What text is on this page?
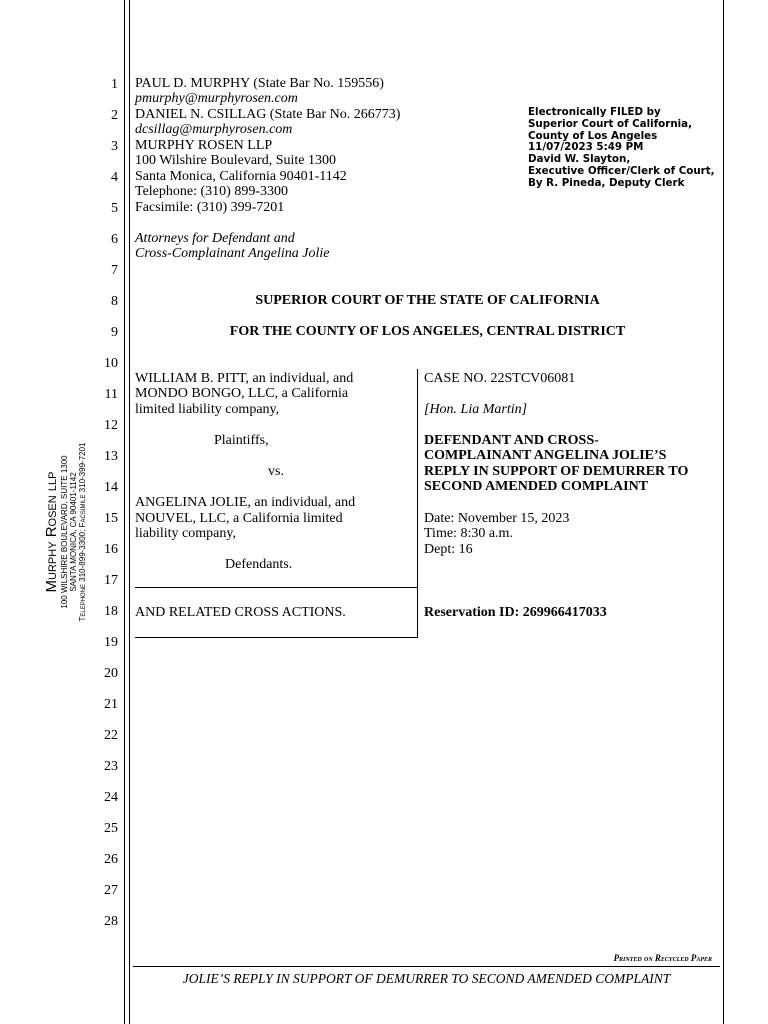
1
2
3
4
5
6
7
8
9
10
11
12
13
14
15
16
17
18
19
20
21
22
23
24
25
26
27
28
Murphy Rosen llp 100 WILSHIRE BOULEVARD, SUITE 1300 SANTA MONICA, CA 90401-1142 Telephone 310-899-3300; Facsimile 310-399-7201
PAUL D. MURPHY (State Bar No. 159556)
pmurphy@murphyrosen.com
DANIEL N. CSILLAG (State Bar No. 266773)
dcsillag@murphyrosen.com
MURPHY ROSEN LLP
100 Wilshire Boulevard, Suite 1300
Santa Monica, California 90401-1142
Telephone: (310) 899-3300
Facsimile: (310) 399-7201
Attorneys for Defendant and
Cross-Complainant Angelina Jolie
Electronically FILED by
Superior Court of California,
County of Los Angeles
11/07/2023 5:49 PM
David W. Slayton,
Executive Officer/Clerk of Court,
By R. Pineda, Deputy Clerk
SUPERIOR COURT OF THE STATE OF CALIFORNIA
FOR THE COUNTY OF LOS ANGELES, CENTRAL DISTRICT
WILLIAM B. PITT, an individual, and
MONDO BONGO, LLC, a California
limited liability company,
Plaintiffs,
vs.
ANGELINA JOLIE, an individual, and
NOUVEL, LLC, a California limited
liability company,
Defendants.
AND RELATED CROSS ACTIONS.
CASE NO. 22STCV06081
[Hon. Lia Martin]
DEFENDANT AND CROSS-
COMPLAINANT ANGELINA JOLIE’S
REPLY IN SUPPORT OF DEMURRER TO
SECOND AMENDED COMPLAINT
Date: November 15, 2023
Time: 8:30 a.m.
Dept: 16
Reservation ID: 269966417033
Printed on Recycled Paper
JOLIE’S REPLY IN SUPPORT OF DEMURRER TO SECOND AMENDED COMPLAINT
